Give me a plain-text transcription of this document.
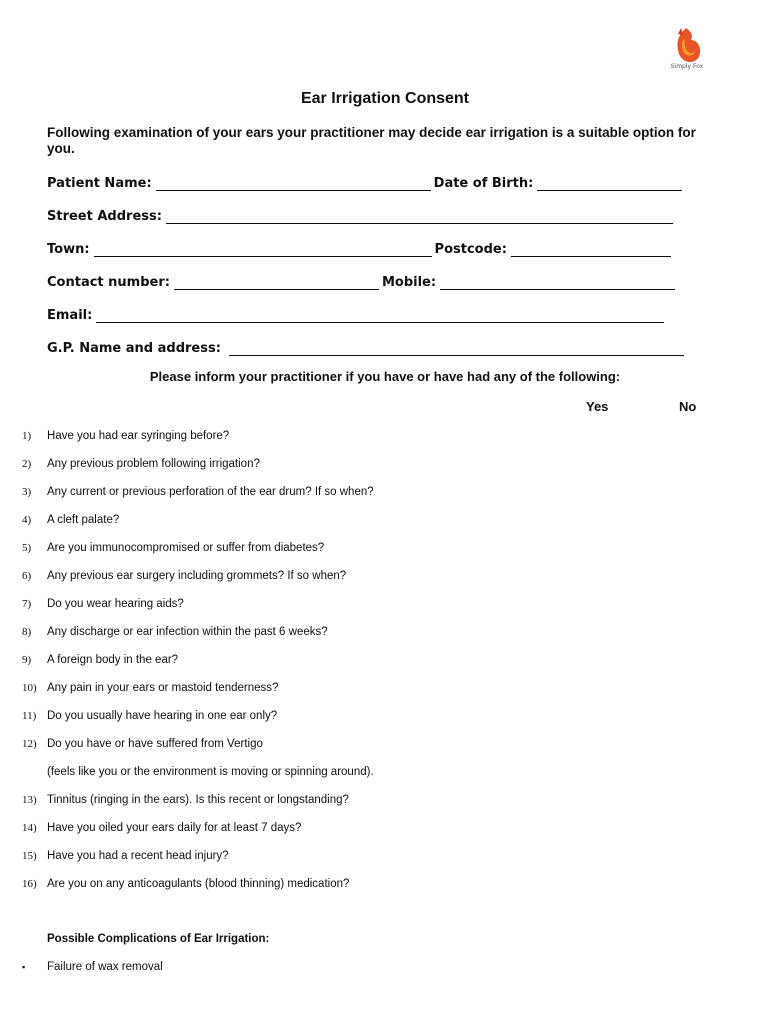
Simply Fox
Ear Irrigation Consent
Following examination of your ears your practitioner may decide ear irrigation is a suitable option for you.
Patient Name:	Date of Birth:
Street Address:
Town:	Postcode:
Contact number:	Mobile:
Email:
G.P. Name and address:
Please inform your practitioner if you have or have had any of the following:
Yes	No
1) Have you had ear syringing before?
2) Any previous problem following irrigation?
3) Any current or previous perforation of the ear drum? If so when?
4) A cleft palate?
5) Are you immunocompromised or suffer from diabetes?
6) Any previous ear surgery including grommets? If so when?
7) Do you wear hearing aids?
8) Any discharge or ear infection within the past 6 weeks?
9) A foreign body in the ear?
10) Any pain in your ears or mastoid tenderness?
11) Do you usually have hearing in one ear only?
12) Do you have or have suffered from Vertigo
13) Tinnitus (ringing in the ears). Is this recent or longstanding?
14) Have you oiled your ears daily for at least 7 days?
15) Have you had a recent head injury?
16) Are you on any anticoagulants (blood thinning) medication?
(feels like you or the environment is moving or spinning around).
Possible Complications of Ear Irrigation:
▪ Failure of wax removal
